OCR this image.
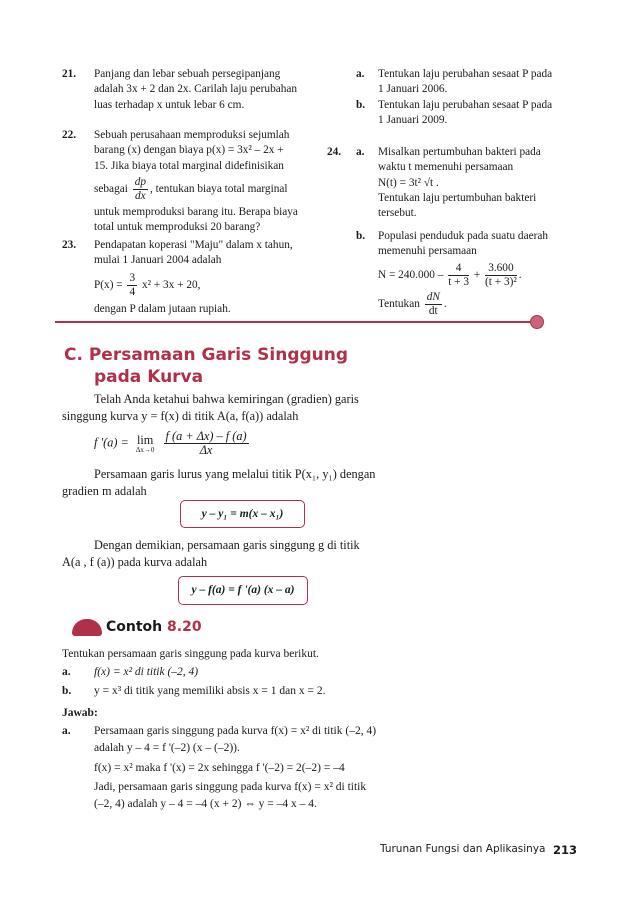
21. Panjang dan lebar sebuah persegipanjang
adalah 3x + 2 dan 2x. Carilah laju perubahan
luas terhadap x untuk lebar 6 cm.
22. Sebuah perusahaan memproduksi sejumlah
barang (x) dengan biaya p(x) = 3x² – 2x +
15. Jika biaya total marginal didefinisikan
sebagai $\frac{dp}{dx}$ , tentukan biaya total marginal
untuk memproduksi barang itu. Berapa biaya
total untuk memproduksi 20 barang?
23. Pendapatan koperasi "Maju" dalam x tahun,
mulai 1 Januari 2004 adalah
$P(x) = \frac{3}{4} x^2 + 3x + 20$,
dengan P dalam jutaan rupiah.
a. Tentukan laju perubahan sesaat P pada
1 Januari 2006.
b. Tentukan laju perubahan sesaat P pada
1 Januari 2009.
24. a. Misalkan pertumbuhan bakteri pada
waktu t memenuhi persamaan
N(t) = 3t² √t .
Tentukan laju pertumbuhan bakteri
tersebut.
b. Populasi penduduk pada suatu daerah
memenuhi persamaan
$N = 240.000 - \frac{4}{t + 3} + \frac{3.600}{\text{(t + 3)²}}$ .
Tentukan $\frac{dN}{dt}$ .
C. Persamaan Garis Singgung
pada Kurva
Telah Anda ketahui bahwa kemiringan (gradien) garis
singgung kurva y = f(x) di titik A(a, f(a)) adalah
f '(a) = lim
Δx→0
$\frac{f (a + \Delta x) - f (a)}{\Delta x}$
Persamaan garis lurus yang melalui titik P(x₁, y₁) dengan
gradien m adalah
y – y₁ = m(x – x₁)
Dengan demikian, persamaan garis singgung g di titik
A(a , f (a)) pada kurva adalah
y – f(a) = f '(a) (x – a)
Contoh 8.20
Tentukan persamaan garis singgung pada kurva berikut.
a. f(x) = x² di titik (–2, 4)
b. y = x³ di titik yang memiliki absis x = 1 dan x = 2.
Jawab:
a. Persamaan garis singgung pada kurva f(x) = x² di titik (–2, 4)
adalah y – 4 = f '(–2) (x – (–2)).
f(x) = x² maka f '(x) = 2x sehingga f '(–2) = 2(–2) = –4
Jadi, persamaan garis singgung pada kurva f(x) = x² di titik
(–2, 4) adalah y – 4 = –4 (x + 2) ⇔ y = –4 x – 4.
Turunan Fungsi dan Aplikasinya 213
